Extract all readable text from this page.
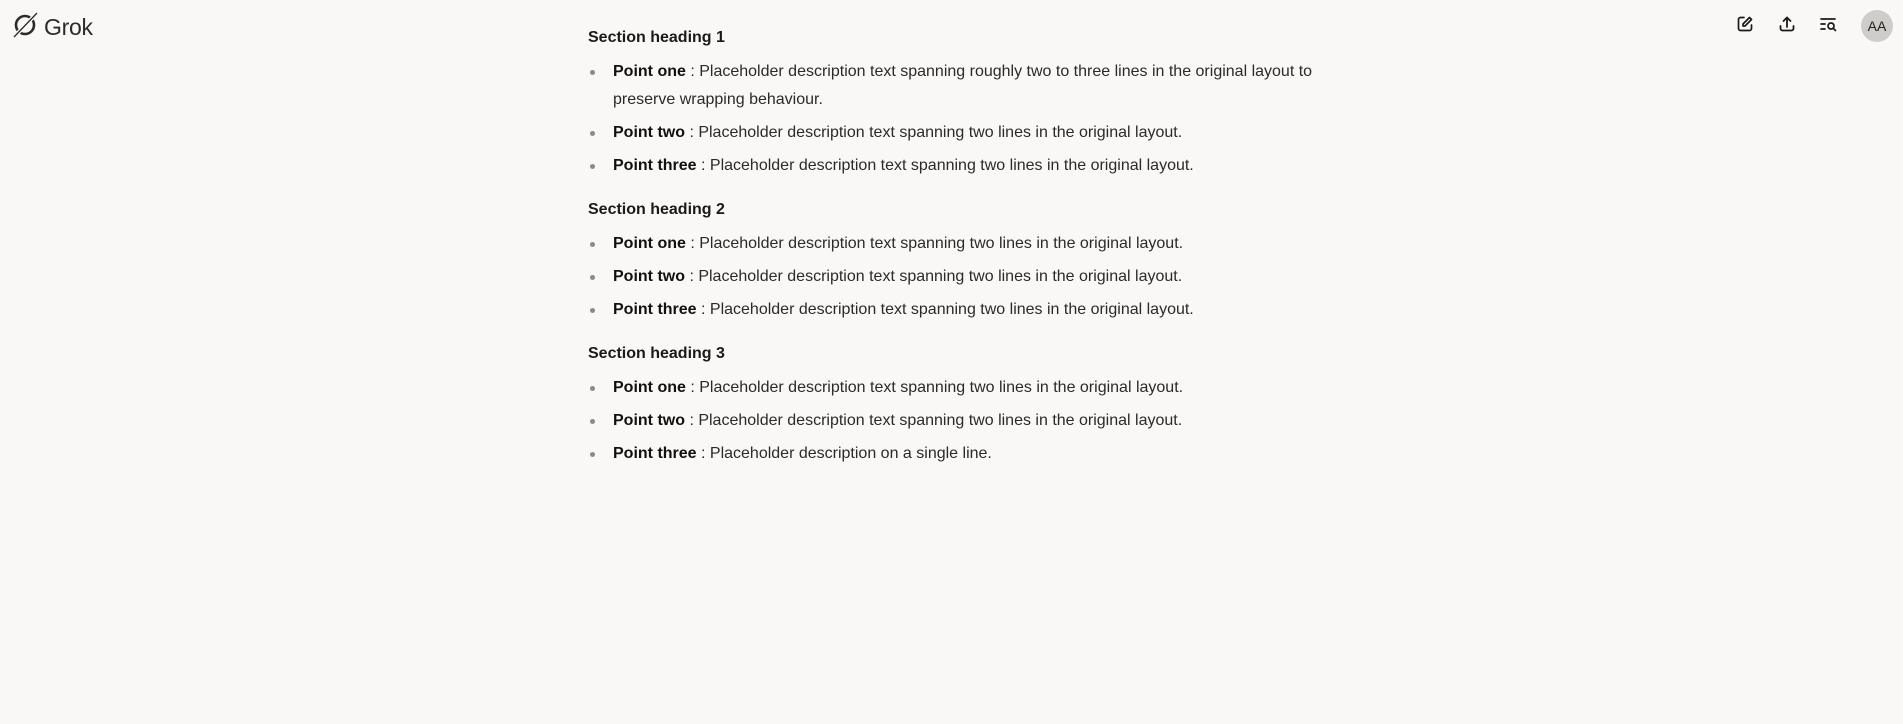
Grok	AA
Section heading 1
Point one : Placeholder description text spanning roughly two to three lines in the original layout to preserve wrapping behaviour.
Point two : Placeholder description text spanning two lines in the original layout.
Point three : Placeholder description text spanning two lines in the original layout.
Section heading 2
Point one : Placeholder description text spanning two lines in the original layout.
Point two : Placeholder description text spanning two lines in the original layout.
Point three : Placeholder description text spanning two lines in the original layout.
Section heading 3
Point one : Placeholder description text spanning two lines in the original layout.
Point two : Placeholder description text spanning two lines in the original layout.
Point three : Placeholder description on a single line.
